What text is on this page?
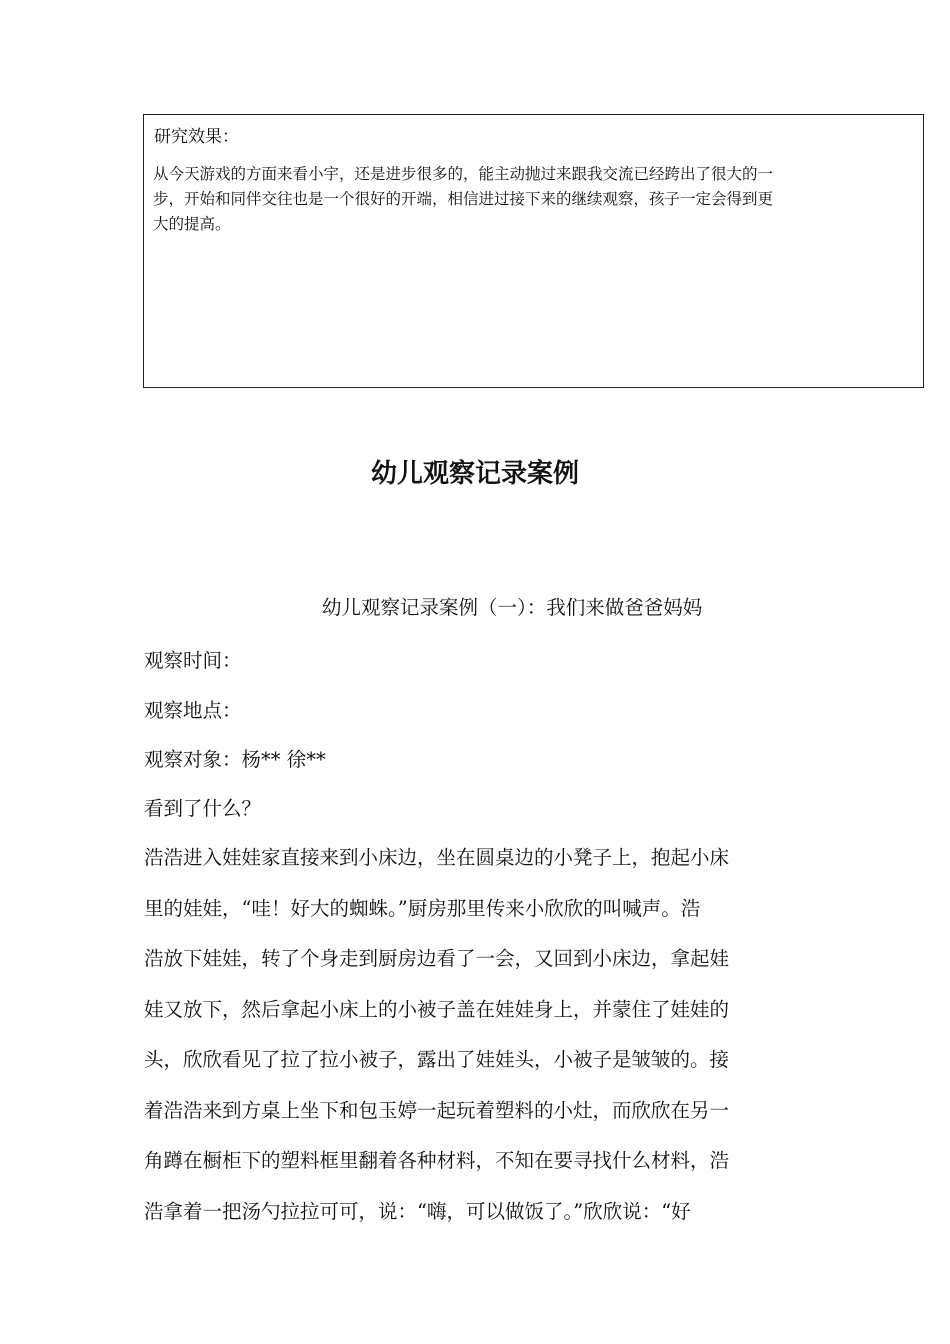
研究效果：
从今天游戏的方面来看小宇，还是进步很多的，能主动抛过来跟我交流已经跨出了很大的一
步，开始和同伴交往也是一个很好的开端，相信进过接下来的继续观察，孩子一定会得到更
大的提高。
幼儿观察记录案例
幼儿观察记录案例（一）：我们来做爸爸妈妈
观察时间：
观察地点：
观察对象：杨** 徐**
看到了什么？
浩浩进入娃娃家直接来到小床边，坐在圆桌边的小凳子上，抱起小床
里的娃娃，“哇！好大的蜘蛛。”厨房那里传来小欣欣的叫喊声。浩
浩放下娃娃，转了个身走到厨房边看了一会，又回到小床边，拿起娃
娃又放下，然后拿起小床上的小被子盖在娃娃身上，并蒙住了娃娃的
头，欣欣看见了拉了拉小被子，露出了娃娃头，小被子是皱皱的。接
着浩浩来到方桌上坐下和包玉婷一起玩着塑料的小灶，而欣欣在另一
角蹲在橱柜下的塑料框里翻着各种材料，不知在要寻找什么材料，浩
浩拿着一把汤勺拉拉可可，说：“嗨，可以做饭了。”欣欣说：“好
